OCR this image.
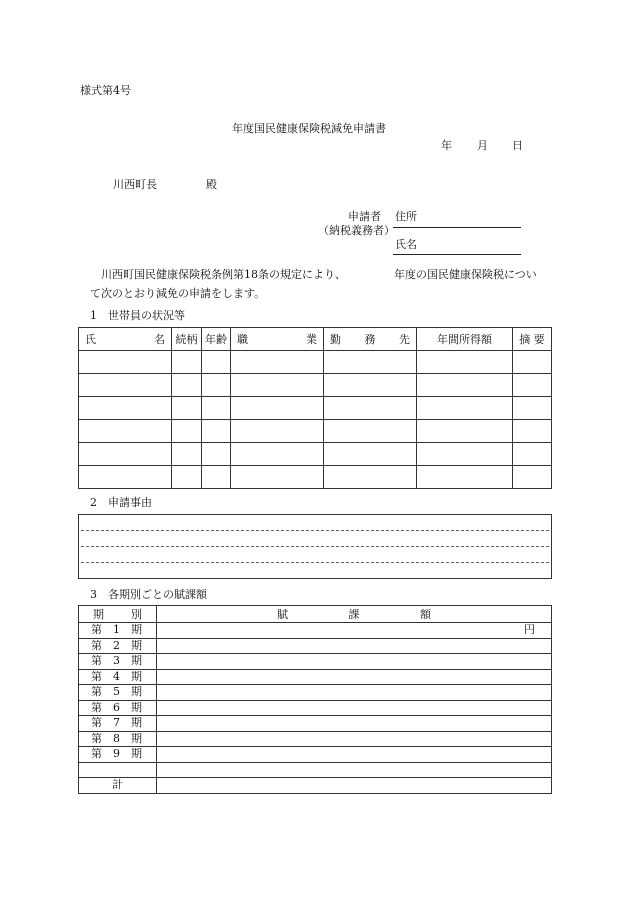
様式第4号
年度国民健康保険税減免申請書
年 月 日
川西町長	殿
申請者
（納税義務者）
住所
氏名
川西町国民健康保険税条例第18条の規定により、	年度の国民健康保険税につい
て次のとおり減免の申請をします。
1　世帯員の状況等
氏 名	続柄	年齢	職 業	勤 務 先	年間所得額	摘 要

2　申請事由
3　各期別ごとの賦課額
期 別	賦 課 額

第　1　期	円
第　2　期	
第　3　期	
第　4　期	
第　5　期	
第　6　期	
第　7　期	
第　8　期	
第　9　期	

計	
